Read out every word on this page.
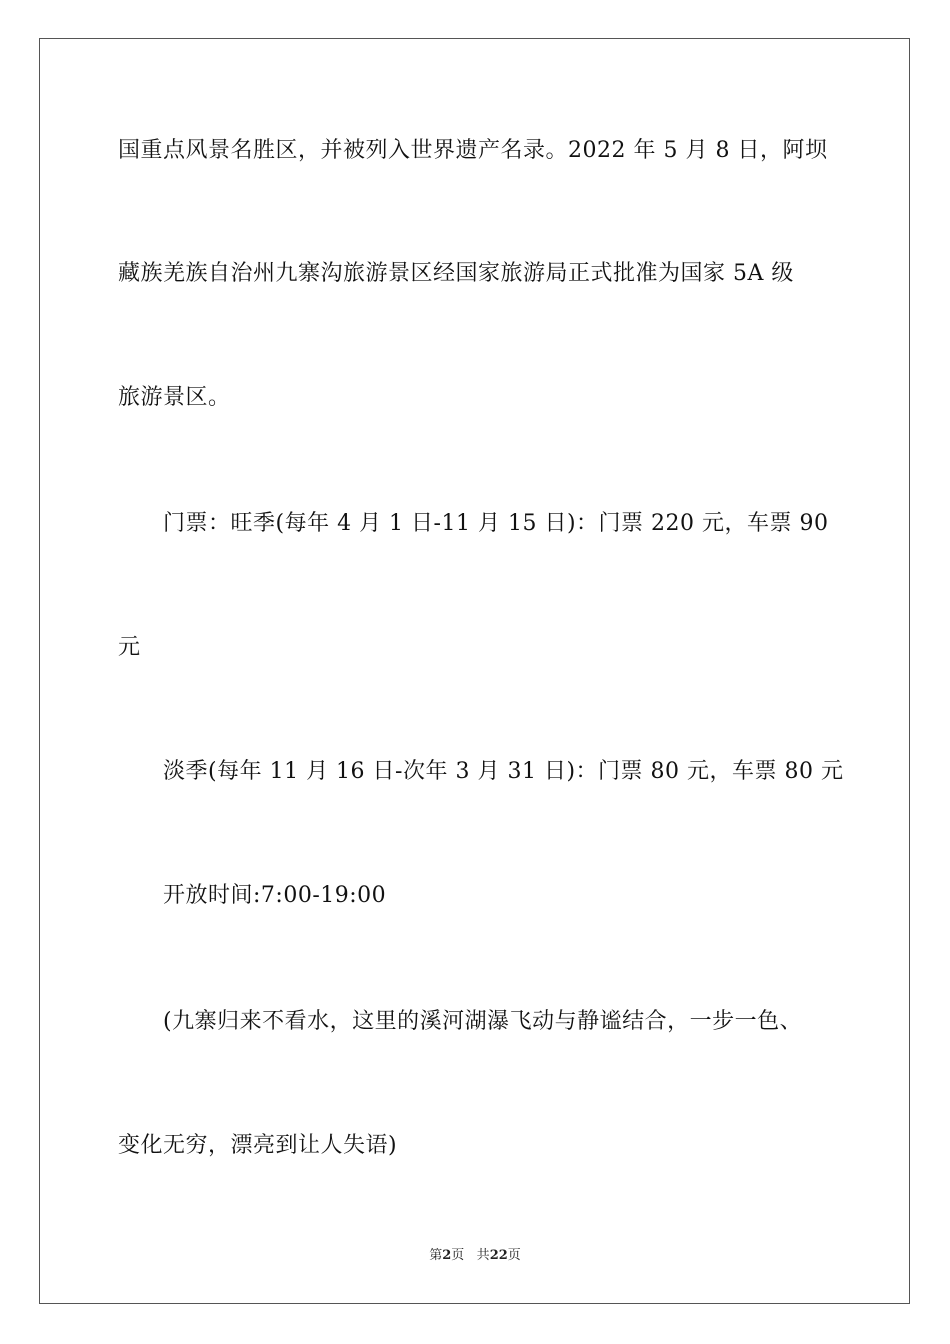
国重点风景名胜区，并被列入世界遗产名录。2022 年 5 月 8 日，阿坝
藏族羌族自治州九寨沟旅游景区经国家旅游局正式批准为国家 5A 级
旅游景区。
门票：旺季(每年 4 月 1 日-11 月 15 日)：门票 220 元，车票 90
元
淡季(每年 11 月 16 日-次年 3 月 31 日)：门票 80 元，车票 80 元
开放时间:7:00-19:00
(九寨归来不看水，这里的溪河湖瀑飞动与静谧结合，一步一色、
变化无穷，漂亮到让人失语)
第2页 共22页
